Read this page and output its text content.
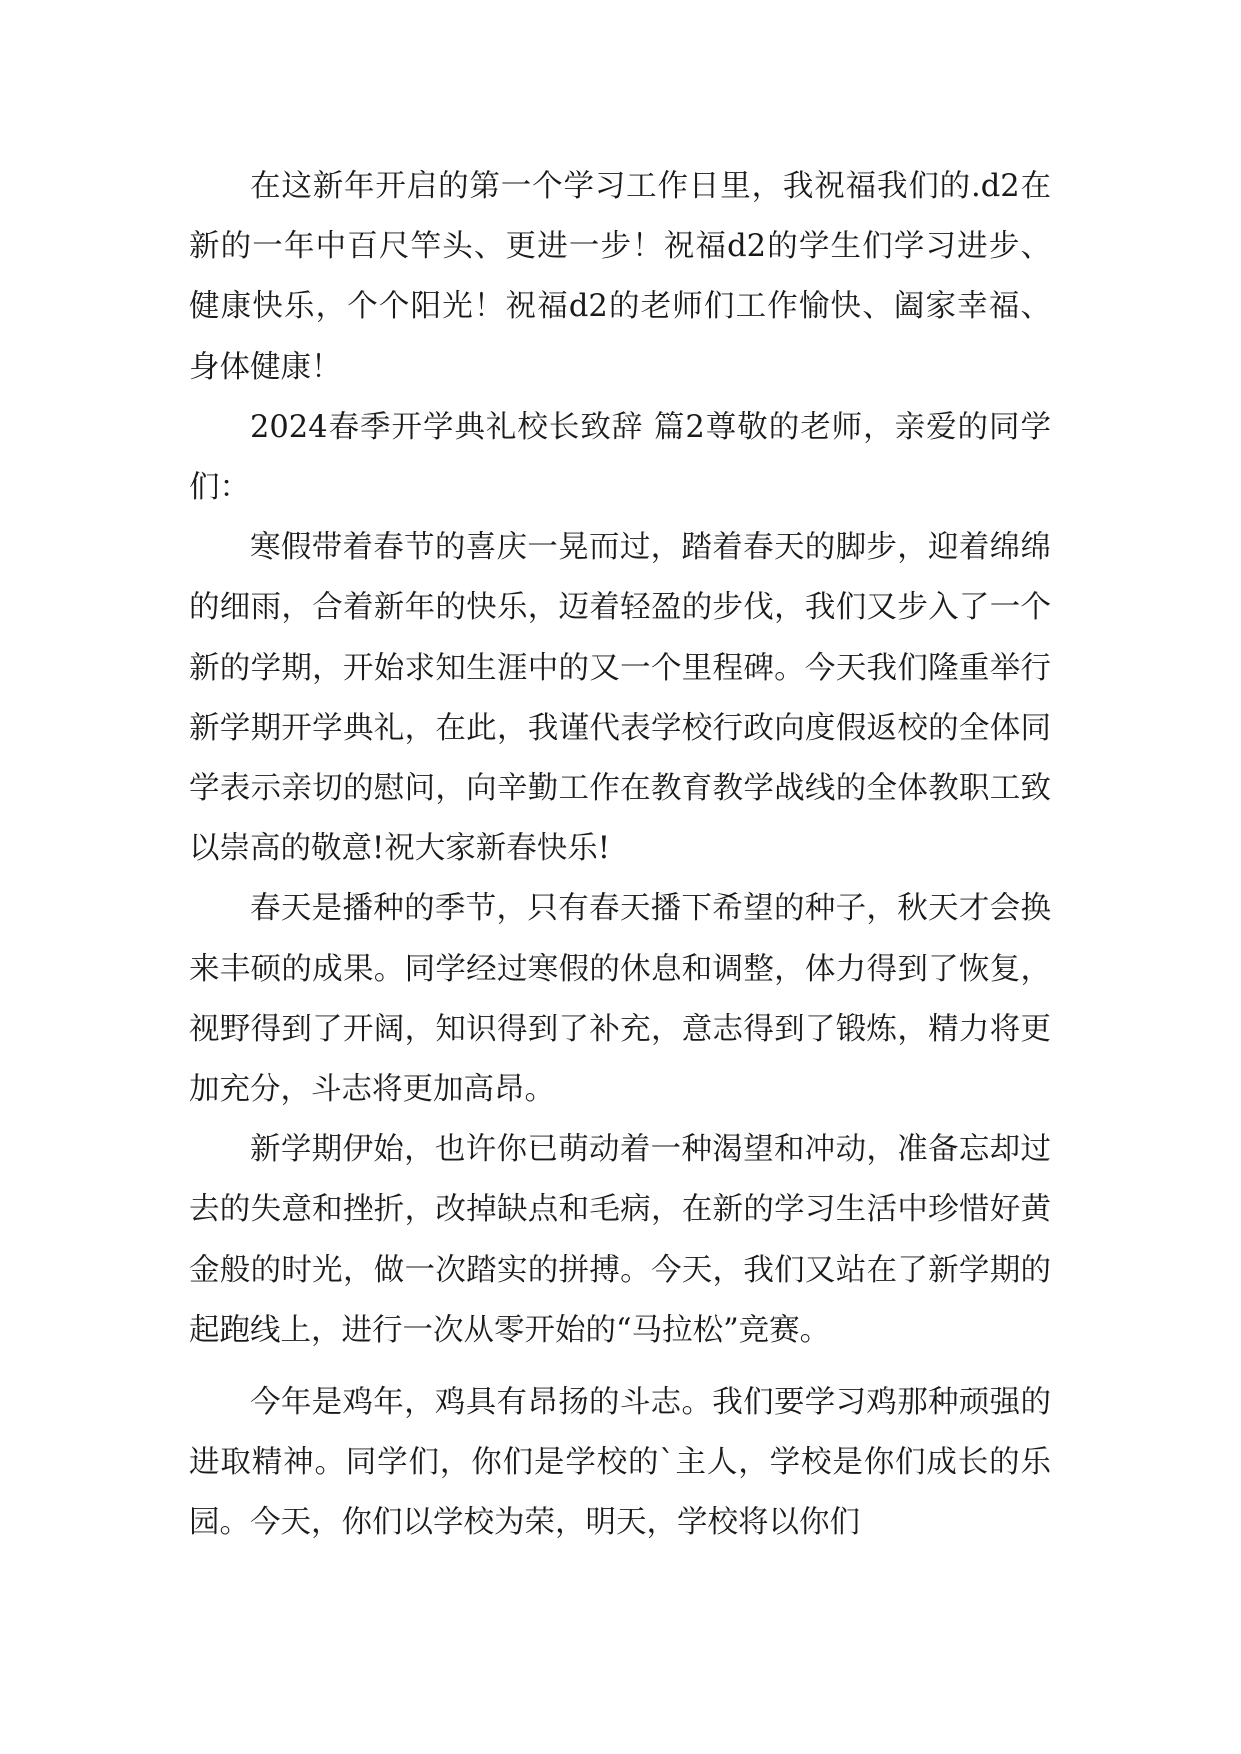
在这新年开启的第一个学习工作日里，我祝福我们的.d2在新的一年中百尺竿头、更进一步！祝福d2的学生们学习进步、健康快乐，个个阳光！祝福d2的老师们工作愉快、阖家幸福、身体健康！

2024春季开学典礼校长致辞 篇2尊敬的老师，亲爱的同学们：

寒假带着春节的喜庆一晃而过，踏着春天的脚步，迎着绵绵的细雨，合着新年的快乐，迈着轻盈的步伐，我们又步入了一个新的学期，开始求知生涯中的又一个里程碑。今天我们隆重举行新学期开学典礼，在此，我谨代表学校行政向度假返校的全体同学表示亲切的慰问，向辛勤工作在教育教学战线的全体教职工致以崇高的敬意!祝大家新春快乐!

春天是播种的季节，只有春天播下希望的种子，秋天才会换来丰硕的成果。同学经过寒假的休息和调整，体力得到了恢复，视野得到了开阔，知识得到了补充，意志得到了锻炼，精力将更加充分，斗志将更加高昂。

新学期伊始，也许你已萌动着一种渴望和冲动，准备忘却过去的失意和挫折，改掉缺点和毛病，在新的学习生活中珍惜好黄金般的时光，做一次踏实的拼搏。今天，我们又站在了新学期的起跑线上，进行一次从零开始的“马拉松”竞赛。

今年是鸡年，鸡具有昂扬的斗志。我们要学习鸡那种顽强的进取精神。同学们，你们是学校的`主人，学校是你们成长的乐园。今天，你们以学校为荣，明天，学校将以你们
